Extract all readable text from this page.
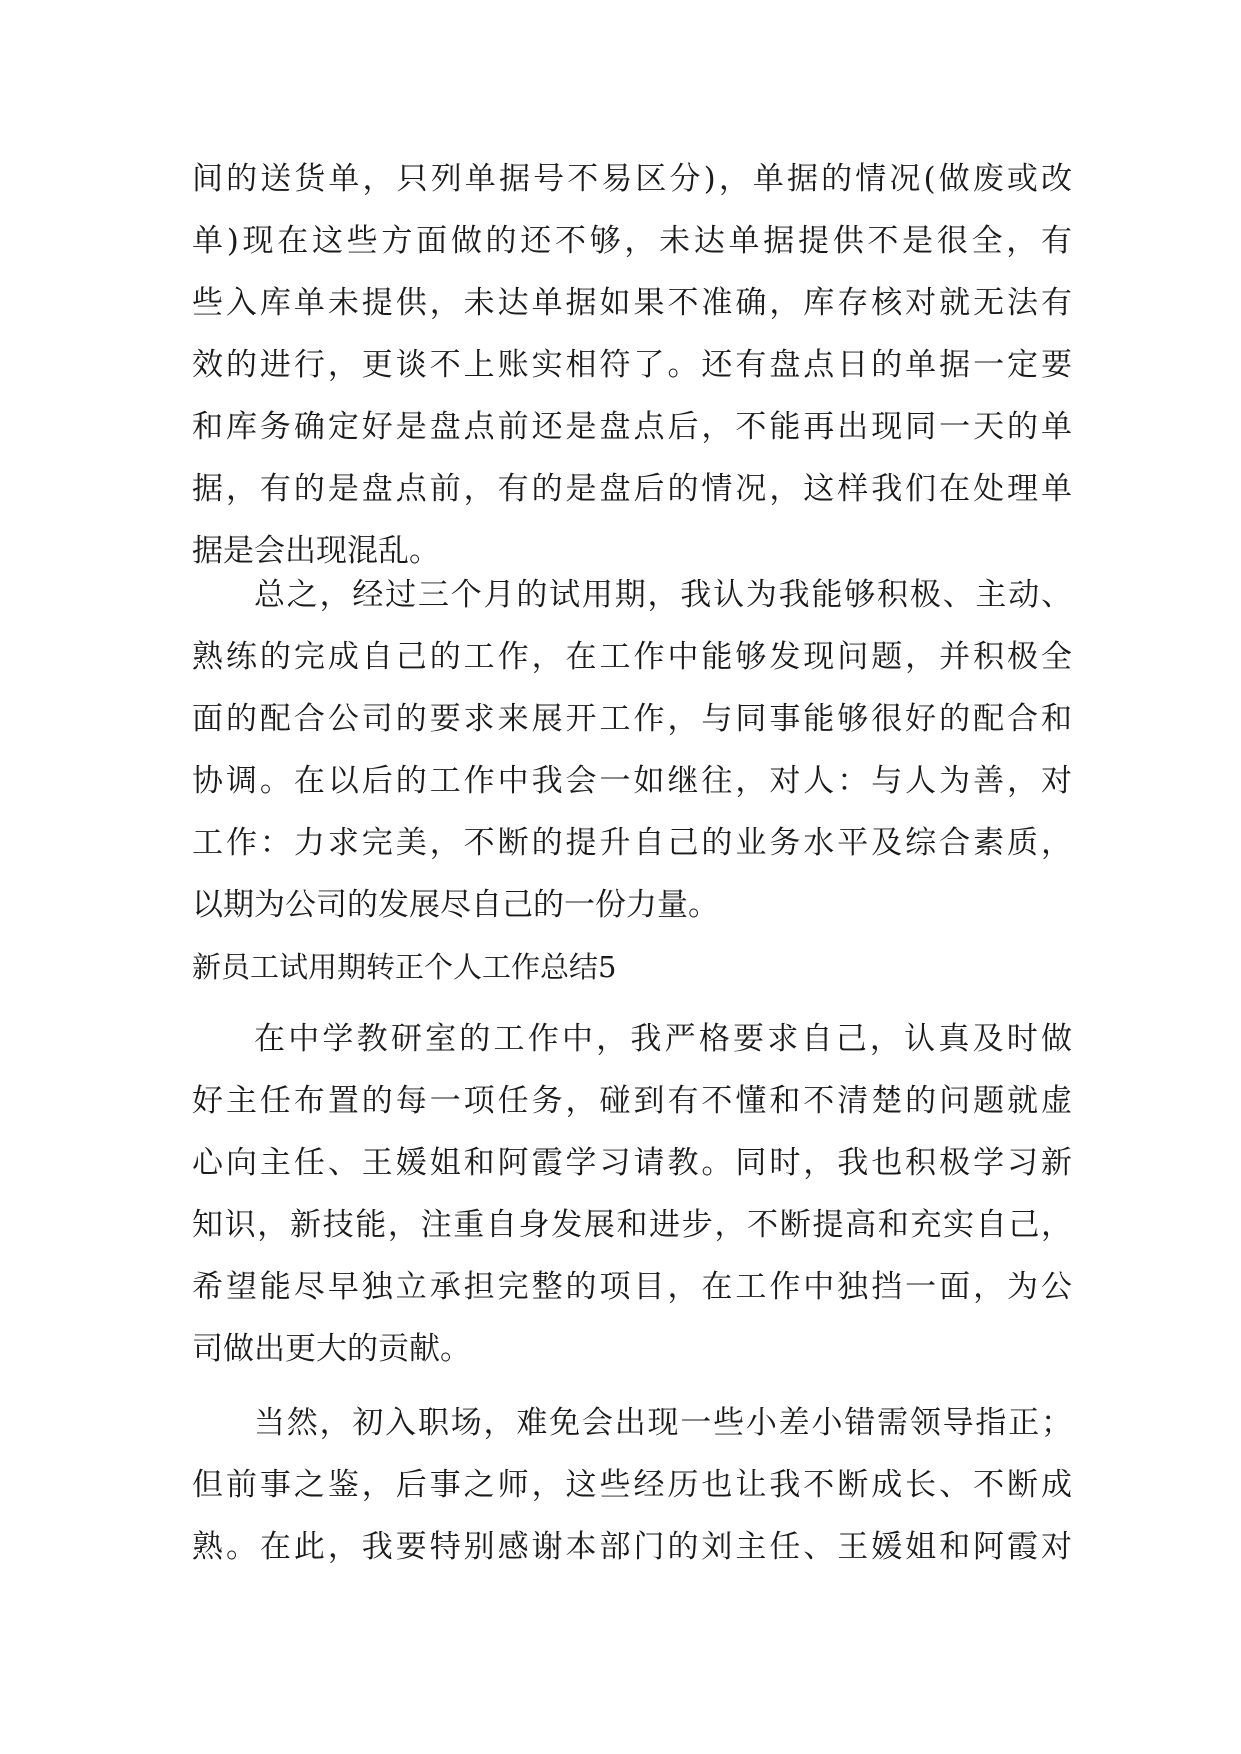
间的送货单，只列单据号不易区分)，单据的情况(做废或改
单)现在这些方面做的还不够，未达单据提供不是很全，有
些入库单未提供，未达单据如果不准确，库存核对就无法有
效的进行，更谈不上账实相符了。还有盘点日的单据一定要
和库务确定好是盘点前还是盘点后，不能再出现同一天的单
据，有的是盘点前，有的是盘后的情况，这样我们在处理单
据是会出现混乱。
总之，经过三个月的试用期，我认为我能够积极、主动、
熟练的完成自己的工作，在工作中能够发现问题，并积极全
面的配合公司的要求来展开工作，与同事能够很好的配合和
协调。在以后的工作中我会一如继往，对人：与人为善，对
工作：力求完美，不断的提升自己的业务水平及综合素质，
以期为公司的发展尽自己的一份力量。
新员工试用期转正个人工作总结5
在中学教研室的工作中，我严格要求自己，认真及时做
好主任布置的每一项任务，碰到有不懂和不清楚的问题就虚
心向主任、王媛姐和阿霞学习请教。同时，我也积极学习新
知识，新技能，注重自身发展和进步，不断提高和充实自己，
希望能尽早独立承担完整的项目，在工作中独挡一面，为公
司做出更大的贡献。
当然，初入职场，难免会出现一些小差小错需领导指正；
但前事之鉴，后事之师，这些经历也让我不断成长、不断成
熟。在此，我要特别感谢本部门的刘主任、王媛姐和阿霞对
